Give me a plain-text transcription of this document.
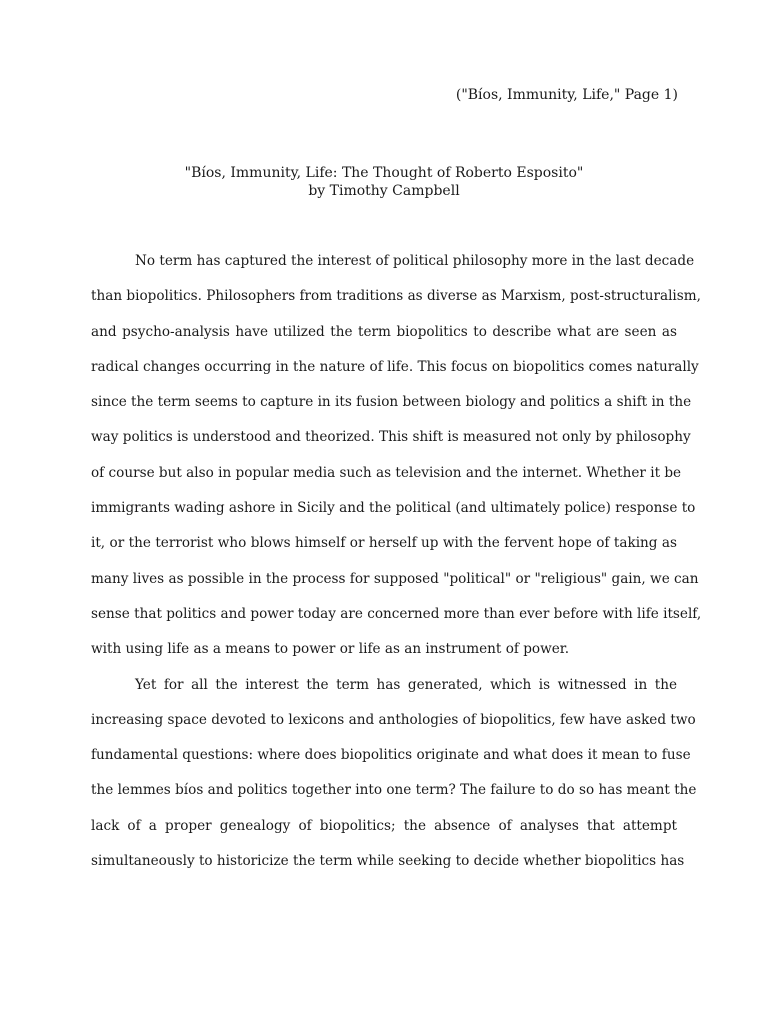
("Bíos, Immunity, Life," Page 1)
"Bíos, Immunity, Life: The Thought of Roberto Esposito"
by Timothy Campbell
No term has captured the interest of political philosophy more in the last decade
than biopolitics. Philosophers from traditions as diverse as Marxism, post-structuralism,
and psycho-analysis have utilized the term biopolitics to describe what are seen as
radical changes occurring in the nature of life. This focus on biopolitics comes naturally
since the term seems to capture in its fusion between biology and politics a shift in the
way politics is understood and theorized. This shift is measured not only by philosophy
of course but also in popular media such as television and the internet. Whether it be
immigrants wading ashore in Sicily and the political (and ultimately police) response to
it, or the terrorist who blows himself or herself up with the fervent hope of taking as
many lives as possible in the process for supposed "political" or "religious" gain, we can
sense that politics and power today are concerned more than ever before with life itself,
with using life as a means to power or life as an instrument of power.
Yet for all the interest the term has generated, which is witnessed in the
increasing space devoted to lexicons and anthologies of biopolitics, few have asked two
fundamental questions: where does biopolitics originate and what does it mean to fuse
the lemmes bíos and politics together into one term? The failure to do so has meant the
lack of a proper genealogy of biopolitics; the absence of analyses that attempt
simultaneously to historicize the term while seeking to decide whether biopolitics has
